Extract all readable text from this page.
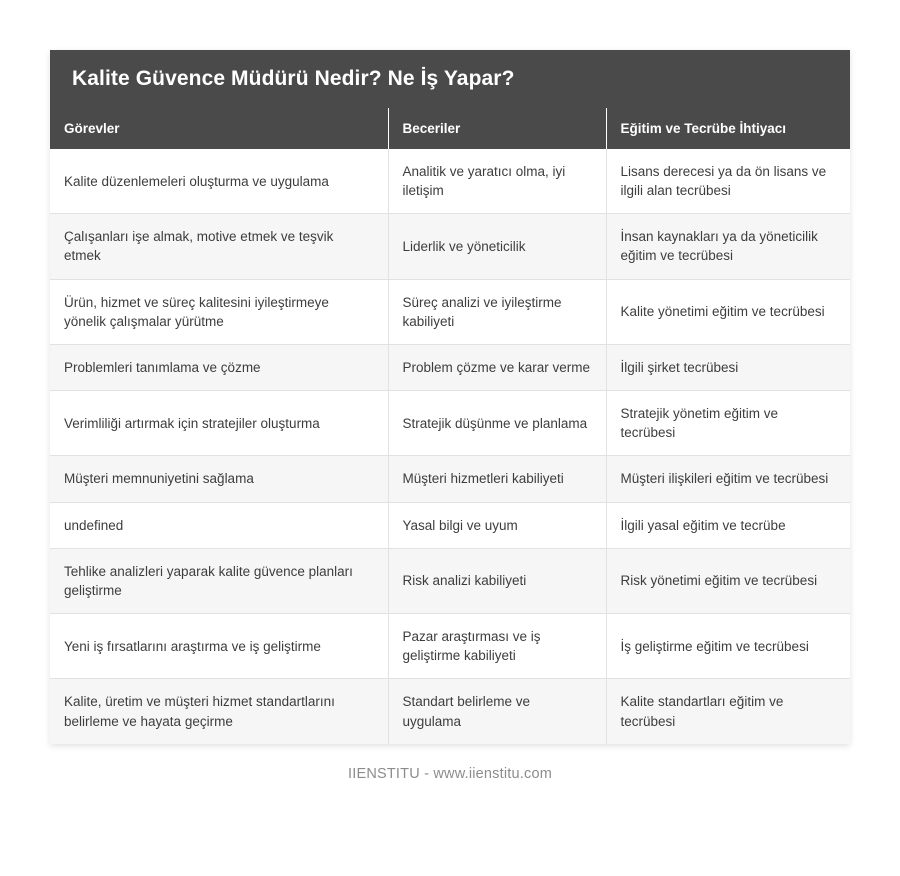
Kalite Güvence Müdürü Nedir? Ne İş Yapar?
Görevler	Beceriler	Eğitim ve Tecrübe İhtiyacı
Kalite düzenlemeleri oluşturma ve uygulama	Analitik ve yaratıcı olma, iyi iletişim	Lisans derecesi ya da ön lisans ve ilgili alan tecrübesi
Çalışanları işe almak, motive etmek ve teşvik etmek	Liderlik ve yöneticilik	İnsan kaynakları ya da yöneticilik eğitim ve tecrübesi
Ürün, hizmet ve süreç kalitesini iyileştirmeye yönelik çalışmalar yürütme	Süreç analizi ve iyileştirme kabiliyeti	Kalite yönetimi eğitim ve tecrübesi
Problemleri tanımlama ve çözme	Problem çözme ve karar verme	İlgili şirket tecrübesi
Verimliliği artırmak için stratejiler oluşturma	Stratejik düşünme ve planlama	Stratejik yönetim eğitim ve tecrübesi
Müşteri memnuniyetini sağlama	Müşteri hizmetleri kabiliyeti	Müşteri ilişkileri eğitim ve tecrübesi
undefined	Yasal bilgi ve uyum	İlgili yasal eğitim ve tecrübe
Tehlike analizleri yaparak kalite güvence planları geliştirme	Risk analizi kabiliyeti	Risk yönetimi eğitim ve tecrübesi
Yeni iş fırsatlarını araştırma ve iş geliştirme	Pazar araştırması ve iş geliştirme kabiliyeti	İş geliştirme eğitim ve tecrübesi
Kalite, üretim ve müşteri hizmet standartlarını belirleme ve hayata geçirme	Standart belirleme ve uygulama	Kalite standartları eğitim ve tecrübesi
IIENSTITU - www.iienstitu.com
